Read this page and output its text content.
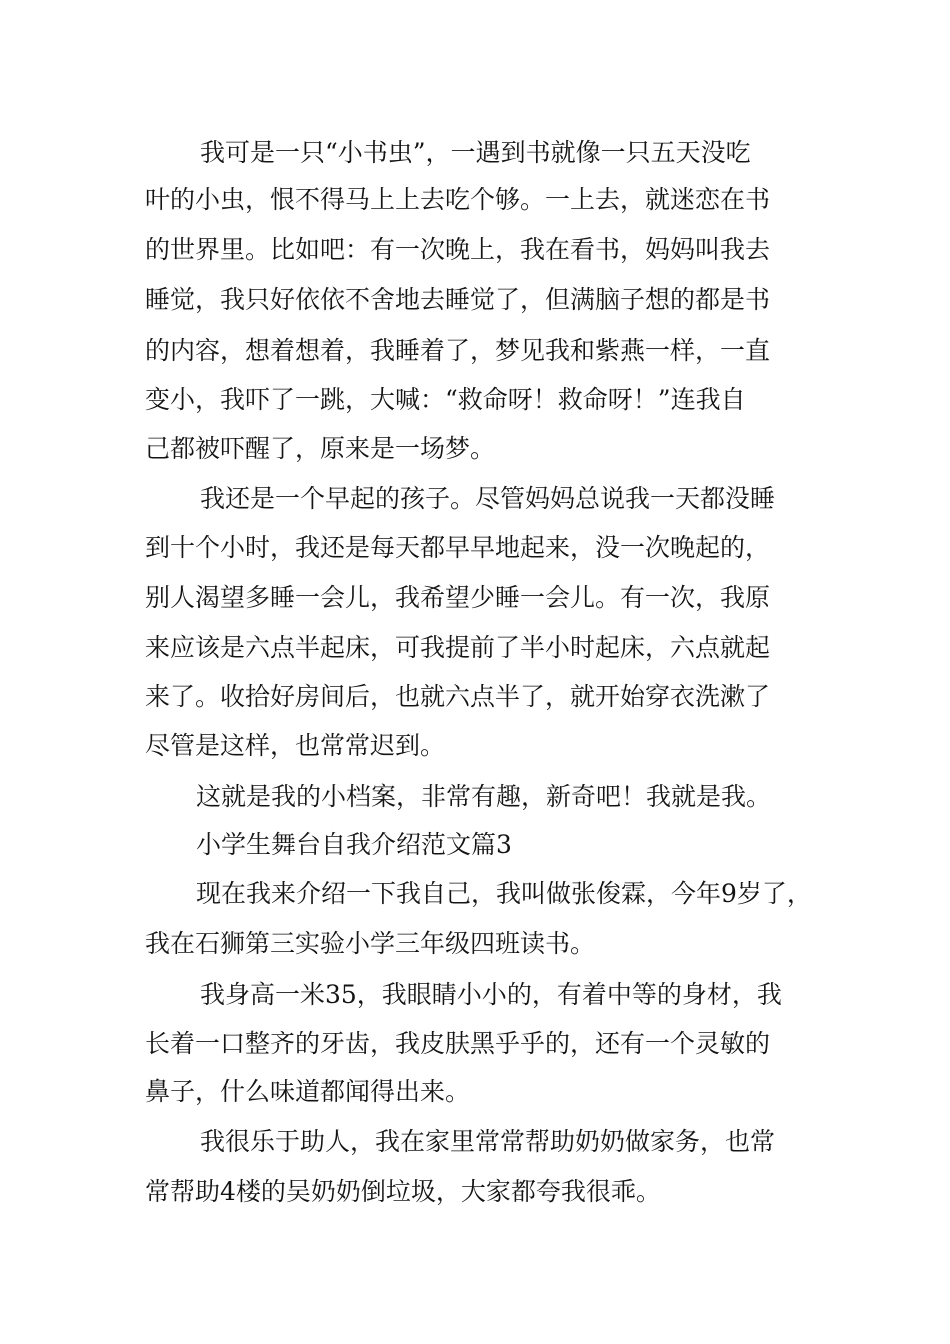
我可是一只“小书虫”，一遇到书就像一只五天没吃
叶的小虫，恨不得马上上去吃个够。一上去，就迷恋在书
的世界里。比如吧：有一次晚上，我在看书，妈妈叫我去
睡觉，我只好依依不舍地去睡觉了，但满脑子想的都是书
的内容，想着想着，我睡着了，梦见我和紫燕一样，一直
变小，我吓了一跳，大喊：“救命呀！救命呀！”连我自
己都被吓醒了，原来是一场梦。
我还是一个早起的孩子。尽管妈妈总说我一天都没睡
到十个小时，我还是每天都早早地起来，没一次晚起的，
别人渴望多睡一会儿，我希望少睡一会儿。有一次，我原
来应该是六点半起床，可我提前了半小时起床，六点就起
来了。收拾好房间后，也就六点半了，就开始穿衣洗漱了
尽管是这样，也常常迟到。
这就是我的小档案，非常有趣，新奇吧！我就是我。
小学生舞台自我介绍范文篇3
现在我来介绍一下我自己，我叫做张俊霖，今年9岁了，
我在石狮第三实验小学三年级四班读书。
我身高一米35，我眼睛小小的，有着中等的身材，我
长着一口整齐的牙齿，我皮肤黑乎乎的，还有一个灵敏的
鼻子，什么味道都闻得出来。
我很乐于助人，我在家里常常帮助奶奶做家务，也常
常帮助4楼的吴奶奶倒垃圾，大家都夸我很乖。
